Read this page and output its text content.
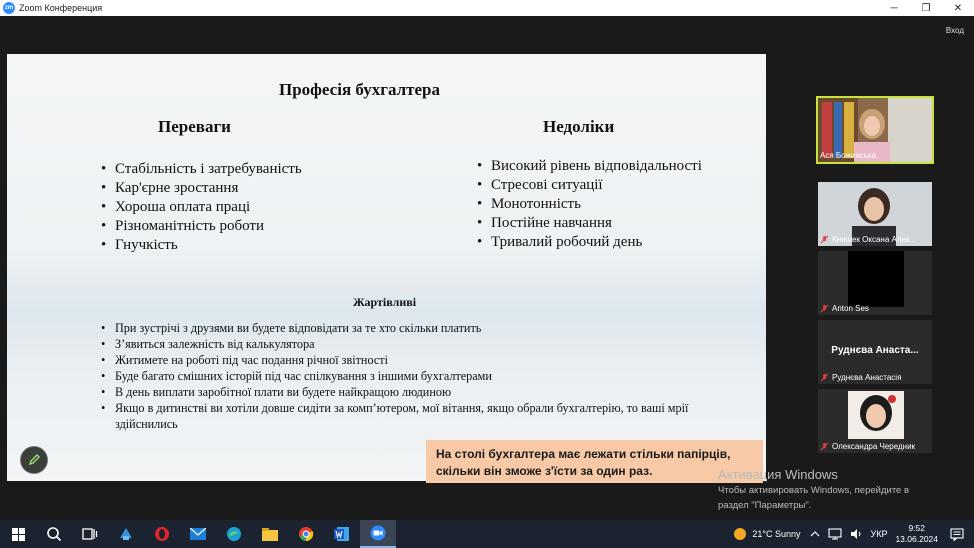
zm Zoom Конференция	─	❐	✕
Вход
Професія бухгалтера
Переваги	Недоліки
• Стабільність і затребуваність
• Кар'єрне зростання
• Хороша оплата праці
• Різноманітність роботи
• Гнучкість
• Високий рівень відповідальності
• Стресові ситуації
• Монотонність
• Постійне навчання
• Тривалий робочий день
Жартівливі
• При зустрічі з друзями ви будете відповідати за те хто скільки платить
• З’явиться залежність від калькулятора
• Житимете на роботі під час подання річної звітності
• Буде багато смішних історій під час спілкування з іншими бухгалтерами
• В день виплати заробітної плати ви будете найкращою людиною
• Якщо в дитинстві ви хотіли довше сидіти за комп’ютером, мої вітання, якщо обрали бухгалтерію, то ваші мрії здійснились
На столі бухгалтера має лежати стільки папірців,
скільки він зможе з'їсти за один раз.
Ася Божинська
Книшек Оксана Алек...
Anton Ses
Руднєва Анаста...
Руднєва Анастасія
Олександра Чередник
Активация Windows
Чтобы активировать Windows, перейдите в
раздел "Параметры".
21°C Sunny	УКР
9:52
13.06.2024
